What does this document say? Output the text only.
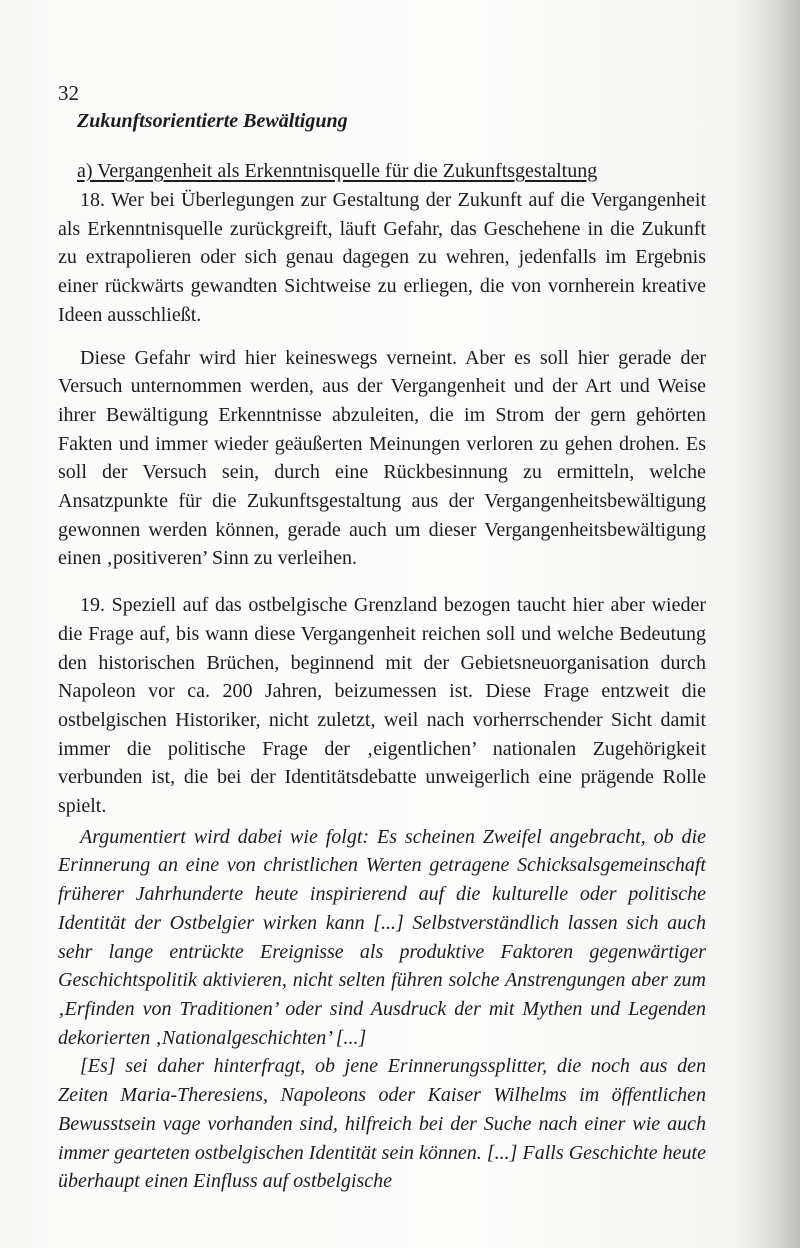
32
Zukunftsorientierte Bewältigung
a) Vergangenheit als Erkenntnisquelle für die Zukunftsgestaltung

18. Wer bei Überlegungen zur Gestaltung der Zukunft auf die Vergangenheit als Erkenntnisquelle zurückgreift, läuft Gefahr, das Geschehene in die Zukunft zu extrapolieren oder sich genau dagegen zu wehren, jedenfalls im Ergebnis einer rückwärts gewandten Sichtweise zu erliegen, die von vornherein kreative Ideen ausschließt.

Diese Gefahr wird hier keineswegs verneint. Aber es soll hier gerade der Versuch unternommen werden, aus der Vergangenheit und der Art und Weise ihrer Bewältigung Erkenntnisse abzuleiten, die im Strom der gern gehörten Fakten und immer wieder geäußerten Meinungen verloren zu gehen drohen. Es soll der Versuch sein, durch eine Rückbesinnung zu ermitteln, welche Ansatzpunkte für die Zukunftsgestaltung aus der Vergangenheitsbewältigung gewonnen werden können, gerade auch um dieser Vergangenheitsbewältigung einen ‚positiveren’ Sinn zu verleihen.

19. Speziell auf das ostbelgische Grenzland bezogen taucht hier aber wieder die Frage auf, bis wann diese Vergangenheit reichen soll und welche Bedeutung den historischen Brüchen, beginnend mit der Gebietsneuorganisation durch Napoleon vor ca. 200 Jahren, beizumessen ist. Diese Frage entzweit die ostbelgischen Historiker, nicht zuletzt, weil nach vorherrschender Sicht damit immer die politische Frage der ‚eigentlichen’ nationalen Zugehörigkeit verbunden ist, die bei der Identitätsdebatte unweigerlich eine prägende Rolle spielt.

Argumentiert wird dabei wie folgt: Es scheinen Zweifel angebracht, ob die Erinnerung an eine von christlichen Werten getragene Schicksalsgemeinschaft früherer Jahrhunderte heute inspirierend auf die kulturelle oder politische Identität der Ostbelgier wirken kann [...] Selbstverständlich lassen sich auch sehr lange entrückte Ereignisse als produktive Faktoren gegenwärtiger Geschichtspolitik aktivieren, nicht selten führen solche Anstrengungen aber zum ‚Erfinden von Traditionen’ oder sind Ausdruck der mit Mythen und Legenden dekorierten ‚Nationalgeschichten’ [...]

[Es] sei daher hinterfragt, ob jene Erinnerungssplitter, die noch aus den Zeiten Maria-Theresiens, Napoleons oder Kaiser Wilhelms im öffentlichen Bewusstsein vage vorhanden sind, hilfreich bei der Suche nach einer wie auch immer gearteten ostbelgischen Identität sein können. [...] Falls Geschichte heute überhaupt einen Einfluss auf ostbelgische
